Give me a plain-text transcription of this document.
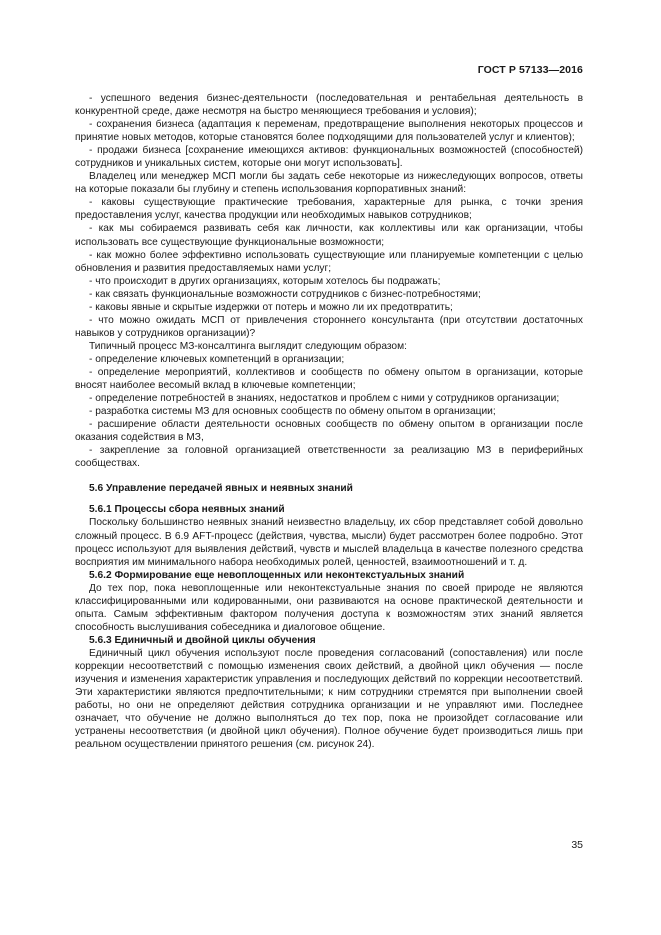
ГОСТ Р 57133—2016

- успешного ведения бизнес-деятельности (последовательная и рентабельная деятельность в конкурентной среде, даже несмотря на быстро меняющиеся требования и условия);

- сохранения бизнеса (адаптация к переменам, предотвращение выполнения некоторых процессов и принятие новых методов, которые становятся более подходящими для пользователей услуг и клиентов);

- продажи бизнеса [сохранение имеющихся активов: функциональных возможностей (способностей) сотрудников и уникальных систем, которые они могут использовать].

Владелец или менеджер МСП могли бы задать себе некоторые из нижеследующих вопросов, ответы на которые показали бы глубину и степень использования корпоративных знаний:

- каковы существующие практические требования, характерные для рынка, с точки зрения предоставления услуг, качества продукции или необходимых навыков сотрудников;

- как мы собираемся развивать себя как личности, как коллективы или как организации, чтобы использовать все существующие функциональные возможности;

- как можно более эффективно использовать существующие или планируемые компетенции с целью обновления и развития предоставляемых нами услуг;

- что происходит в других организациях, которым хотелось бы подражать;

- как связать функциональные возможности сотрудников с бизнес-потребностями;

- каковы явные и скрытые издержки от потерь и можно ли их предотвратить;

- что можно ожидать МСП от привлечения стороннего консультанта (при отсутствии достаточных навыков у сотрудников организации)?

Типичный процесс МЗ-консалтинга выглядит следующим образом:

- определение ключевых компетенций в организации;

- определение мероприятий, коллективов и сообществ по обмену опытом в организации, которые вносят наиболее весомый вклад в ключевые компетенции;

- определение потребностей в знаниях, недостатков и проблем с ними у сотрудников организации;

- разработка системы МЗ для основных сообществ по обмену опытом в организации;

- расширение области деятельности основных сообществ по обмену опытом в организации после оказания содействия в МЗ,

- закрепление за головной организацией ответственности за реализацию МЗ в периферийных сообществах.

5.6 Управление передачей явных и неявных знаний
5.6.1 Процессы сбора неявных знаний

Поскольку большинство неявных знаний неизвестно владельцу, их сбор представляет собой довольно сложный процесс. В 6.9 AFT-процесс (действия, чувства, мысли) будет рассмотрен более подробно. Этот процесс используют для выявления действий, чувств и мыслей владельца в качестве полезного средства восприятия им минимального набора необходимых ролей, ценностей, взаимоотношений и т. д.

5.6.2 Формирование еще невоплощенных или неконтекстуальных знаний

До тех пор, пока невоплощенные или неконтекстуальные знания по своей природе не являются классифицированными или кодированными, они развиваются на основе практической деятельности и опыта. Самым эффективным фактором получения доступа к возможностям этих знаний является способность выслушивания собеседника и диалоговое общение.

5.6.3 Единичный и двойной циклы обучения

Единичный цикл обучения используют после проведения согласований (сопоставления) или после коррекции несоответствий с помощью изменения своих действий, а двойной цикл обучения — после изучения и изменения характеристик управления и последующих действий по коррекции несоответствий. Эти характеристики являются предпочтительными; к ним сотрудники стремятся при выполнении своей работы, но они не определяют действия сотрудника организации и не управляют ими. Последнее означает, что обучение не должно выполняться до тех пор, пока не произойдет согласование или устранены несоответствия (и двойной цикл обучения). Полное обучение будет производиться лишь при реальном осуществлении принятого решения (см. рисунок 24).

35
